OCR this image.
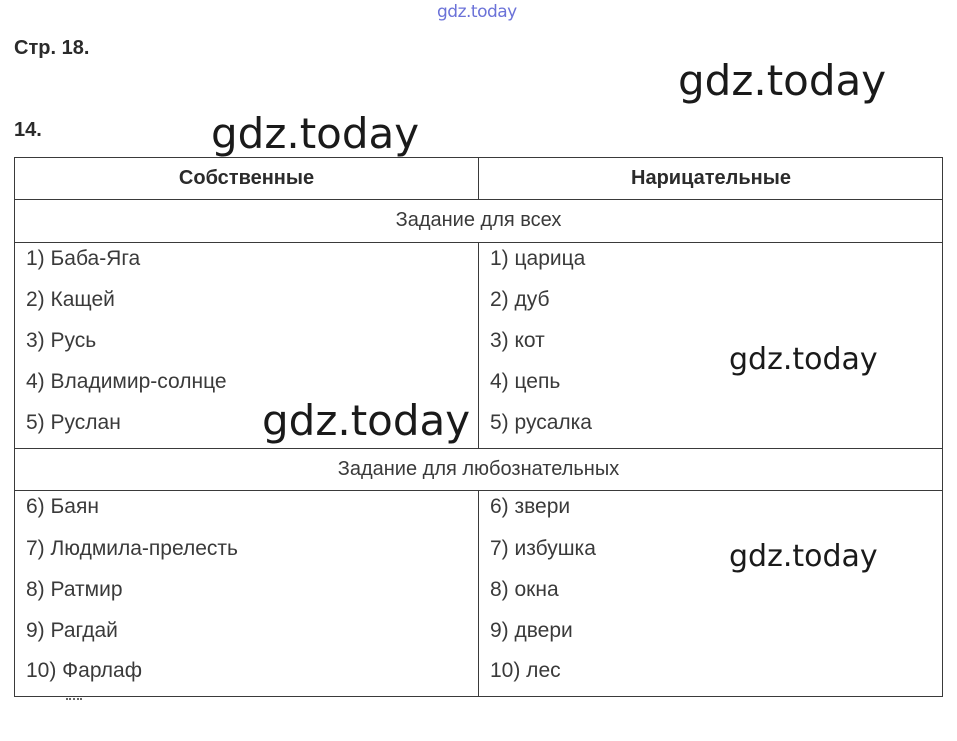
gdz.today
Стр. 18.
14.
Собственные	Нарицательные
Задание для всех
1) Баба-Яга
2) Кащей
3) Русь
4) Владимир-солнце
5) Руслан
1) царица
2) дуб
3) кот
4) цепь
5) русалка
Задание для любознательных
6) Баян
7) Людмила-прелесть
8) Ратмир
9) Рагдай
10) Фарлаф
6) звери
7) избушка
8) окна
9) двери
10) лес
gdz.today
gdz.today
gdz.today
gdz.today
gdz.today
